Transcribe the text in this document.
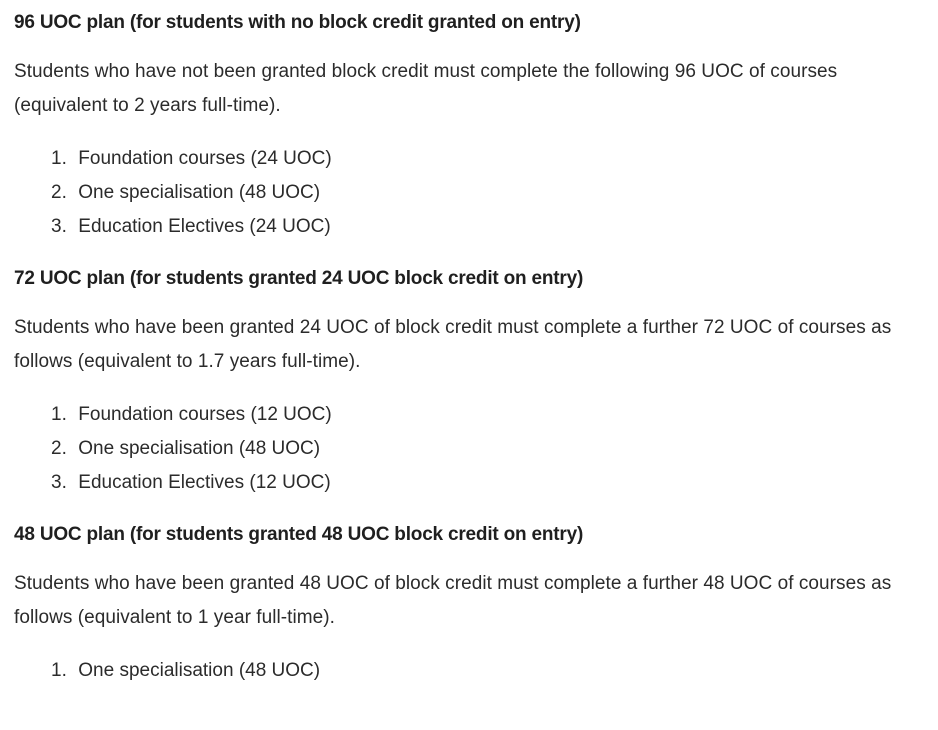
96 UOC plan (for students with no block credit granted on entry)

Students who have not been granted block credit must complete the following 96 UOC of courses (equivalent to 2 years full-time).

1. Foundation courses (24 UOC)
2. One specialisation (48 UOC)
3. Education Electives (24 UOC)
72 UOC plan (for students granted 24 UOC block credit on entry)

Students who have been granted 24 UOC of block credit must complete a further 72 UOC of courses as follows (equivalent to 1.7 years full-time).

1. Foundation courses (12 UOC)
2. One specialisation (48 UOC)
3. Education Electives (12 UOC)
48 UOC plan (for students granted 48 UOC block credit on entry)

Students who have been granted 48 UOC of block credit must complete a further 48 UOC of courses as follows (equivalent to 1 year full-time).

1. One specialisation (48 UOC)
